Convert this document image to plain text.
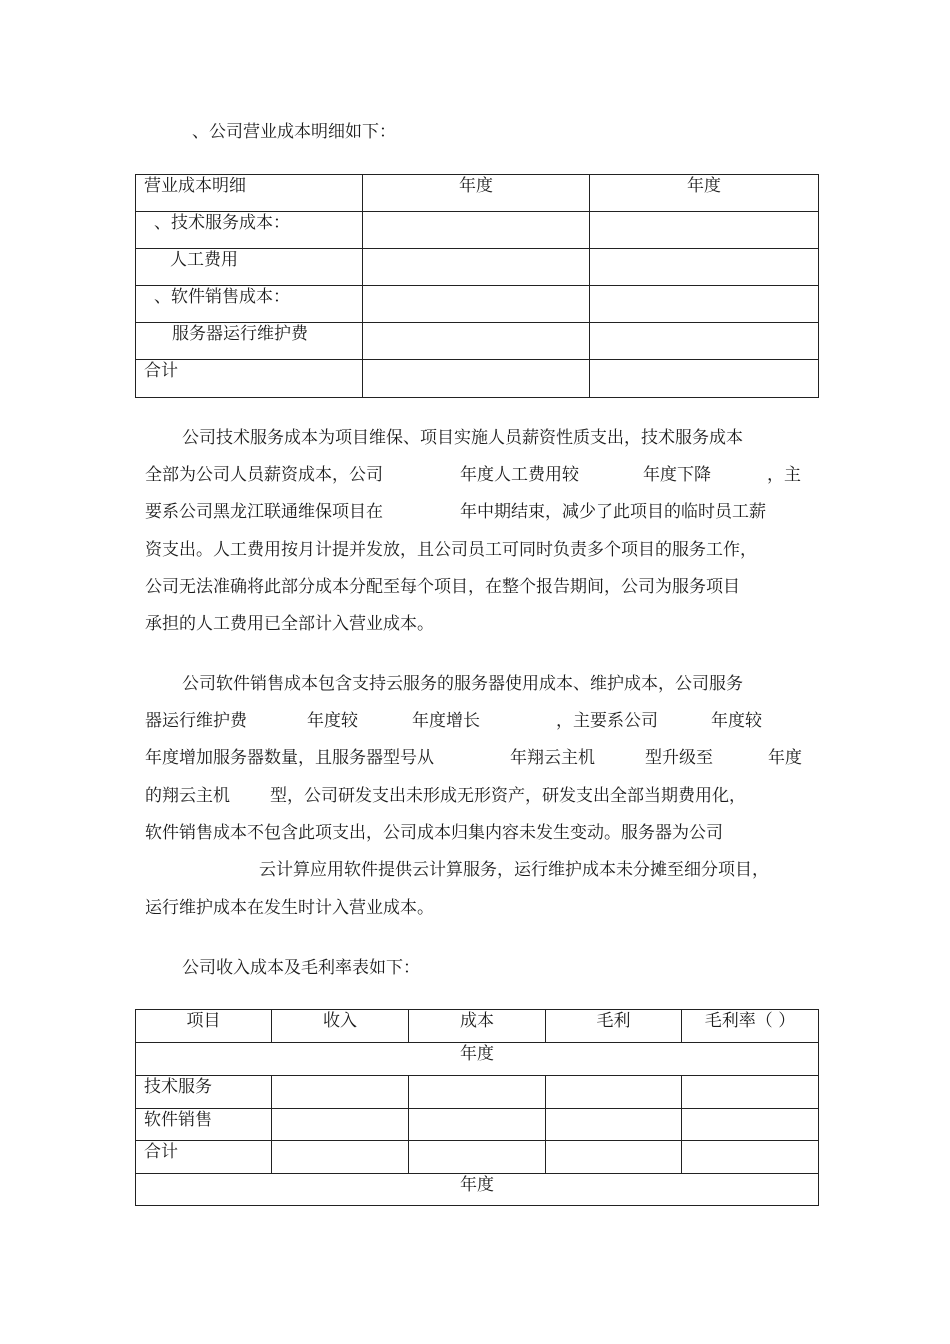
、公司营业成本明细如下：
营业成本明细	年度	年度
、技术服务成本：		
人工费用		
、软件销售成本：		
服务器运行维护费		
合计		
公司技术服务成本为项目维保、项目实施人员薪资性质支出，技术服务成本
全部为公司人员薪资成本，公司	年度人工费用较	年度下降	，主
要系公司黑龙江联通维保项目在	年中期结束，减少了此项目的临时员工薪
资支出。人工费用按月计提并发放，且公司员工可同时负责多个项目的服务工作，
公司无法准确将此部分成本分配至每个项目，在整个报告期间，公司为服务项目
承担的人工费用已全部计入营业成本。
公司软件销售成本包含支持云服务的服务器使用成本、维护成本，公司服务
器运行维护费	年度较	年度增长	，主要系公司	年度较
年度增加服务器数量，且服务器型号从	年翔云主机	型升级至	年度
的翔云主机 型，公司研发支出未形成无形资产，研发支出全部当期费用化，
软件销售成本不包含此项支出，公司成本归集内容未发生变动。服务器为公司
云计算应用软件提供云计算服务，运行维护成本未分摊至细分项目，
运行维护成本在发生时计入营业成本。
公司收入成本及毛利率表如下：
项目	收入	成本	毛利	毛利率（ ）
年度				
技术服务				
软件销售				
合计				
年度				
